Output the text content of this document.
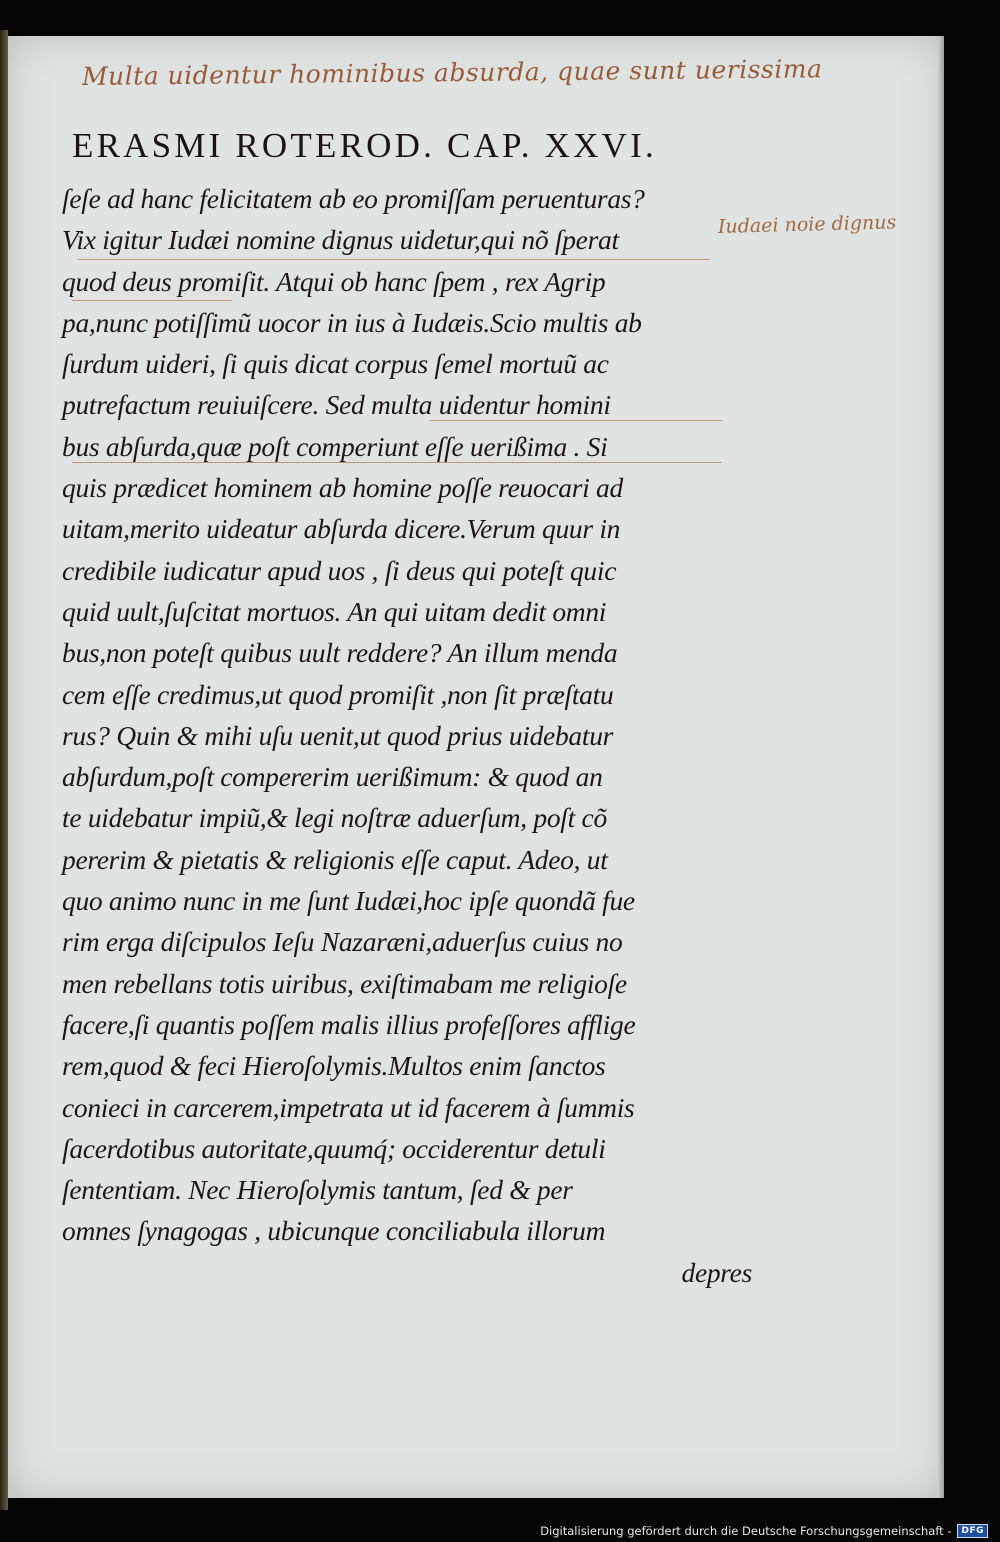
Multa uidentur hominibus absurda, quae sunt uerissima
ERASMI ROTEROD. CAP. XXVI.
Iudaei noie dignus
ſeſe ad hanc felicitatem ab eo promiſſam peruenturas?
Vix igitur Iudæi nomine dignus uidetur,qui nõ ſperat
quod deus promiſit. Atqui ob hanc ſpem , rex Agrip
pa,nunc potiſſimũ uocor in ius à Iudæis.Scio multis ab
ſurdum uideri, ſi quis dicat corpus ſemel mortuũ ac
putrefactum reuiuiſcere. Sed multa uidentur homini
bus abſurda,quæ poſt comperiunt eſſe uerißima . Si
quis prædicet hominem ab homine poſſe reuocari ad
uitam,merito uideatur abſurda dicere.Verum quur in
credibile iudicatur apud uos , ſi deus qui poteſt quic
quid uult,ſuſcitat mortuos. An qui uitam dedit omni
bus,non poteſt quibus uult reddere? An illum menda
cem eſſe credimus,ut quod promiſit ,non ſit præſtatu
rus? Quin & mihi uſu uenit,ut quod prius uidebatur
abſurdum,poſt compererim uerißimum: & quod an
te uidebatur impiũ,& legi noſtræ aduerſum, poſt cõ
pererim & pietatis & religionis eſſe caput. Adeo, ut
quo animo nunc in me ſunt Iudæi,hoc ipſe quondã fue
rim erga diſcipulos Ieſu Nazaræni,aduerſus cuius no
men rebellans totis uiribus, exiſtimabam me religioſe
facere,ſi quantis poſſem malis illius profeſſores affligе
rem,quod & feci Hieroſolymis.Multos enim ſanctos
conieci in carcerem,impetrata ut id facerem à ſummis
ſacerdotibus autoritate,quumq́; occiderentur detuli
ſententiam. Nec Hieroſolymis tantum, ſed & per
omnes ſynagogas , ubicunque conciliabula illorum
depres
Digitalisierung gefördert durch die Deutsche Forschungsgemeinschaft -	DFG
